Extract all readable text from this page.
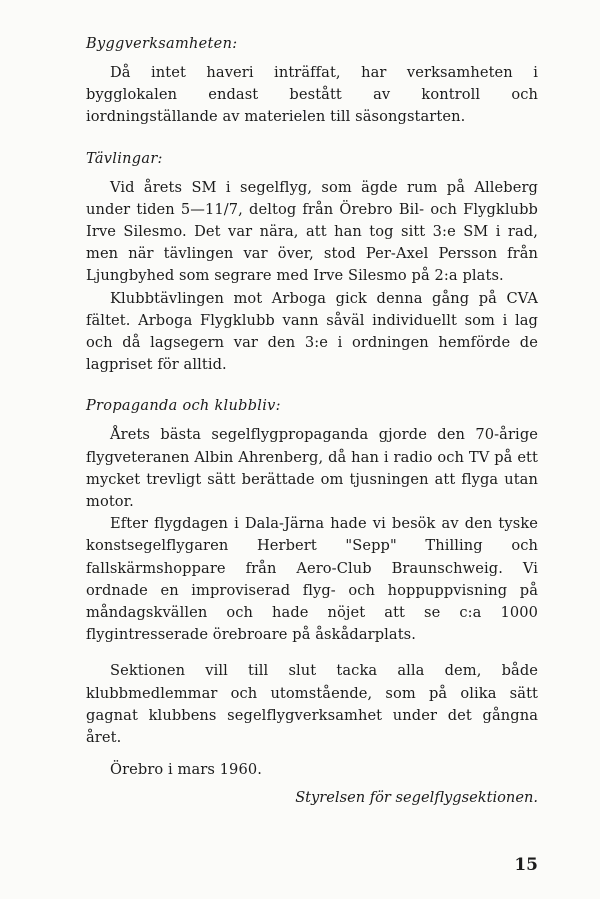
Byggverksamheten:

Då intet haveri inträffat, har verksamheten i bygglokalen endast bestått av kontroll och iordningställande av materielen till säsongstarten.

Tävlingar:

Vid årets SM i segelflyg, som ägde rum på Alleberg under tiden 5—11/7, deltog från Örebro Bil- och Flygklubb Irve Silesmo. Det var nära, att han tog sitt 3:e SM i rad, men när tävlingen var över, stod Per-Axel Persson från Ljungbyhed som segrare med Irve Silesmo på 2:a plats.

Klubbtävlingen mot Arboga gick denna gång på CVA fältet. Arboga Flygklubb vann såväl individuellt som i lag och då lagsegern var den 3:e i ordningen hemförde de lagpriset för alltid.

Propaganda och klubbliv:

Årets bästa segelflygpropaganda gjorde den 70-årige flygveteranen Albin Ahrenberg, då han i radio och TV på ett mycket trevligt sätt berättade om tjusningen att flyga utan motor.

Efter flygdagen i Dala-Järna hade vi besök av den tyske konstsegelflygaren Herbert "Sepp" Thilling och fallskärmshoppare från Aero-Club Braunschweig. Vi ordnade en improviserad flyg- och hoppuppvisning på måndagskvällen och hade nöjet att se c:a 1000 flygintresserade örebroare på åskådarplats.

Sektionen vill till slut tacka alla dem, både klubbmedlemmar och utomstående, som på olika sätt gagnat klubbens segelflygverksamhet under det gångna året.

Örebro i mars 1960.

Styrelsen för segelflygsektionen.

15
